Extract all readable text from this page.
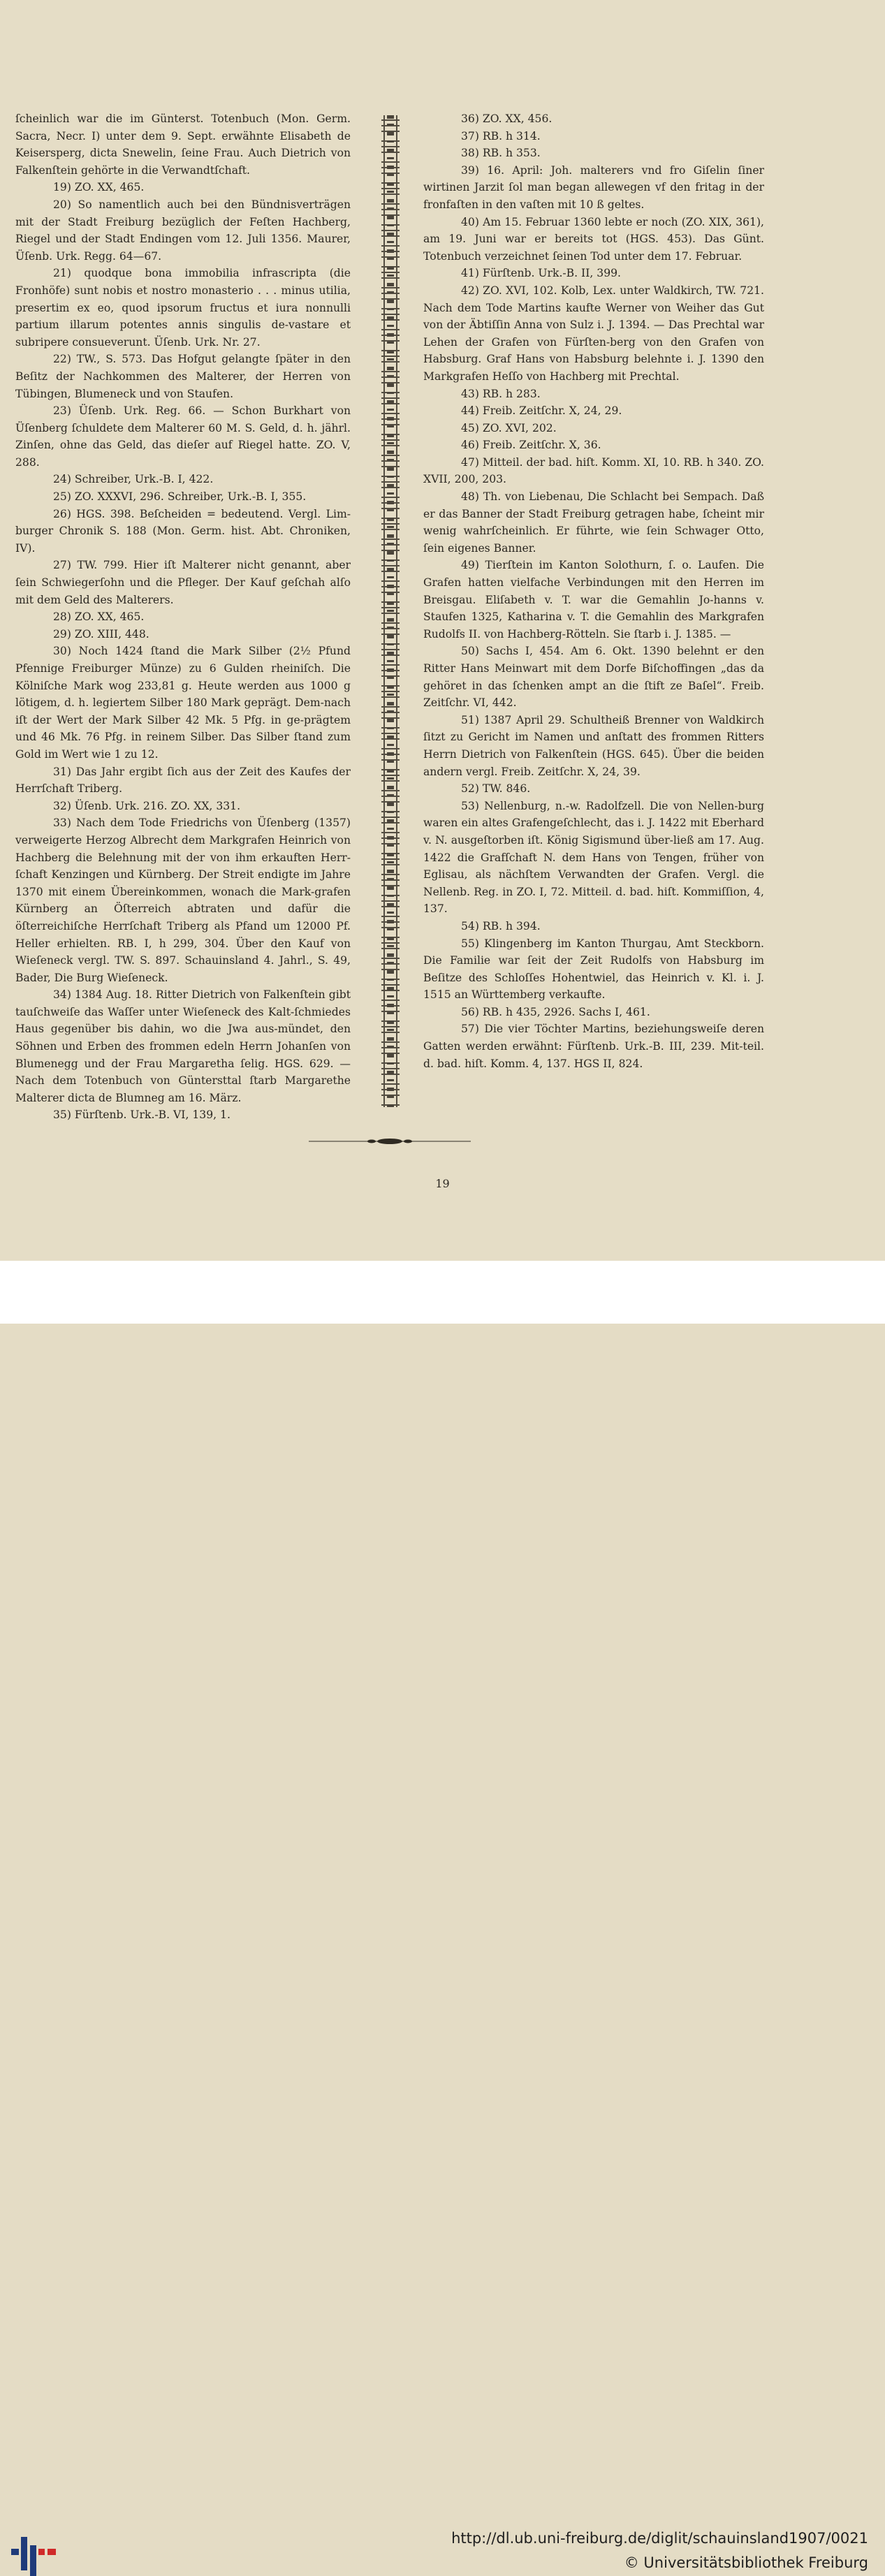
ſcheinlich war die im Günterst. Totenbuch (Mon. Germ. Sacra, Necr. I) unter dem 9. Sept. erwähnte Elisabeth de Keisersperg, dicta Snewelin, ſeine Frau. Auch Dietrich von Falkenſtein gehörte in die Verwandtſchaft.

19) ZO. XX, 465.

20) So namentlich auch bei den Bündnisverträgen mit der Stadt Freiburg bezüglich der Feſten Hachberg, Riegel und der Stadt Endingen vom 12. Juli 1356. Maurer, Üſenb. Urk. Regg. 64—67.

21) quodque bona immobilia infrascripta (die Fronhöfe) sunt nobis et nostro monasterio . . . minus utilia, presertim ex eo, quod ipsorum fructus et iura nonnulli partium illarum potentes annis singulis de-vastare et subripere consueverunt. Üſenb. Urk. Nr. 27.

22) TW., S. 573. Das Hofgut gelangte ſpäter in den Beſitz der Nachkommen des Malterer, der Herren von Tübingen, Blumeneck und von Staufen.

23) Üſenb. Urk. Reg. 66. — Schon Burkhart von Üſenberg ſchuldete dem Malterer 60 M. S. Geld, d. h. jährl. Zinſen, ohne das Geld, das dieſer auf Riegel hatte. ZO. V, 288.

24) Schreiber, Urk.-B. I, 422.

25) ZO. XXXVI, 296. Schreiber, Urk.-B. I, 355.

26) HGS. 398. Beſcheiden = bedeutend. Vergl. Lim-burger Chronik S. 188 (Mon. Germ. hist. Abt. Chroniken, IV).

27) TW. 799. Hier iſt Malterer nicht genannt, aber ſein Schwiegerſohn und die Pfleger. Der Kauf geſchah alſo mit dem Geld des Malterers.

28) ZO. XX, 465.

29) ZO. XIII, 448.

30) Noch 1424 ſtand die Mark Silber (2½ Pfund Pfennige Freiburger Münze) zu 6 Gulden rheiniſch. Die Kölniſche Mark wog 233,81 g. Heute werden aus 1000 g lötigem, d. h. legiertem Silber 180 Mark geprägt. Dem-nach iſt der Wert der Mark Silber 42 Mk. 5 Pfg. in ge-prägtem und 46 Mk. 76 Pfg. in reinem Silber. Das Silber ſtand zum Gold im Wert wie 1 zu 12.

31) Das Jahr ergibt ſich aus der Zeit des Kaufes der Herrſchaft Triberg.

32) Üſenb. Urk. 216. ZO. XX, 331.

33) Nach dem Tode Friedrichs von Üſenberg (1357) verweigerte Herzog Albrecht dem Markgrafen Heinrich von Hachberg die Belehnung mit der von ihm erkauften Herr-ſchaft Kenzingen und Kürnberg. Der Streit endigte im Jahre 1370 mit einem Übereinkommen, wonach die Mark-grafen Kürnberg an Öſterreich abtraten und dafür die öſterreichiſche Herrſchaft Triberg als Pfand um 12000 Pf. Heller erhielten. RB. I, h 299, 304. Über den Kauf von Wieſeneck vergl. TW. S. 897. Schauinsland 4. Jahrl., S. 49, Bader, Die Burg Wieſeneck.

34) 1384 Aug. 18. Ritter Dietrich von Falkenſtein gibt tauſchweiſe das Waſſer unter Wieſeneck des Kalt-ſchmiedes Haus gegenüber bis dahin, wo die Jwa aus-mündet, den Söhnen und Erben des frommen edeln Herrn Johanſen von Blumenegg und der Frau Margaretha ſelig. HGS. 629. — Nach dem Totenbuch von Güntersttal ſtarb Margarethe Malterer dicta de Blumneg am 16. März.

35) Fürſtenb. Urk.-B. VI, 139, 1.

36) ZO. XX, 456.

37) RB. h 314.

38) RB. h 353.

39) 16. April: Joh. malterers vnd fro Giſelin ſiner wirtinen Jarzit ſol man began allewegen vf den fritag in der fronfaſten in den vaſten mit 10 ß geltes.

40) Am 15. Februar 1360 lebte er noch (ZO. XIX, 361), am 19. Juni war er bereits tot (HGS. 453). Das Günt. Totenbuch verzeichnet ſeinen Tod unter dem 17. Februar.

41) Fürſtenb. Urk.-B. II, 399.

42) ZO. XVI, 102. Kolb, Lex. unter Waldkirch, TW. 721. Nach dem Tode Martins kaufte Werner von Weiher das Gut von der Äbtiſſin Anna von Sulz i. J. 1394. — Das Prechtal war Lehen der Grafen von Fürſten-berg von den Grafen von Habsburg. Graf Hans von Habsburg belehnte i. J. 1390 den Markgrafen Heſſo von Hachberg mit Prechtal.

43) RB. h 283.

44) Freib. Zeitſchr. X, 24, 29.

45) ZO. XVI, 202.

46) Freib. Zeitſchr. X, 36.

47) Mitteil. der bad. hiſt. Komm. XI, 10. RB. h 340. ZO. XVII, 200, 203.

48) Th. von Liebenau, Die Schlacht bei Sempach. Daß er das Banner der Stadt Freiburg getragen habe, ſcheint mir wenig wahrſcheinlich. Er führte, wie ſein Schwager Otto, ſein eigenes Banner.

49) Tierſtein im Kanton Solothurn, ſ. o. Laufen. Die Grafen hatten vielfache Verbindungen mit den Herren im Breisgau. Eliſabeth v. T. war die Gemahlin Jo-hanns v. Staufen 1325, Katharina v. T. die Gemahlin des Markgrafen Rudolfs II. von Hachberg-Rötteln. Sie ſtarb i. J. 1385. —

50) Sachs I, 454. Am 6. Okt. 1390 belehnt er den Ritter Hans Meinwart mit dem Dorfe Biſchoffingen „das da gehöret in das ſchenken ampt an die ſtift ze Baſel“. Freib. Zeitſchr. VI, 442.

51) 1387 April 29. Schultheiß Brenner von Waldkirch ſitzt zu Gericht im Namen und anſtatt des frommen Ritters Herrn Dietrich von Falkenſtein (HGS. 645). Über die beiden andern vergl. Freib. Zeitſchr. X, 24, 39.

52) TW. 846.

53) Nellenburg, n.-w. Radolfzell. Die von Nellen-burg waren ein altes Grafengeſchlecht, das i. J. 1422 mit Eberhard v. N. ausgeſtorben iſt. König Sigismund über-ließ am 17. Aug. 1422 die Grafſchaft N. dem Hans von Tengen, früher von Eglisau, als nächſtem Verwandten der Grafen. Vergl. die Nellenb. Reg. in ZO. I, 72. Mitteil. d. bad. hiſt. Kommiſſion, 4, 137.

54) RB. h 394.

55) Klingenberg im Kanton Thurgau, Amt Steckborn. Die Familie war ſeit der Zeit Rudolfs von Habsburg im Beſitze des Schloſſes Hohentwiel, das Heinrich v. Kl. i. J. 1515 an Württemberg verkaufte.

56) RB. h 435, 2926. Sachs I, 461.

57) Die vier Töchter Martins, beziehungsweiſe deren Gatten werden erwähnt: Fürſtenb. Urk.-B. III, 239. Mit-teil. d. bad. hiſt. Komm. 4, 137. HGS II, 824.

19
http://dl.ub.uni-freiburg.de/diglit/schauinsland1907/0021
© Universitätsbibliothek Freiburg
